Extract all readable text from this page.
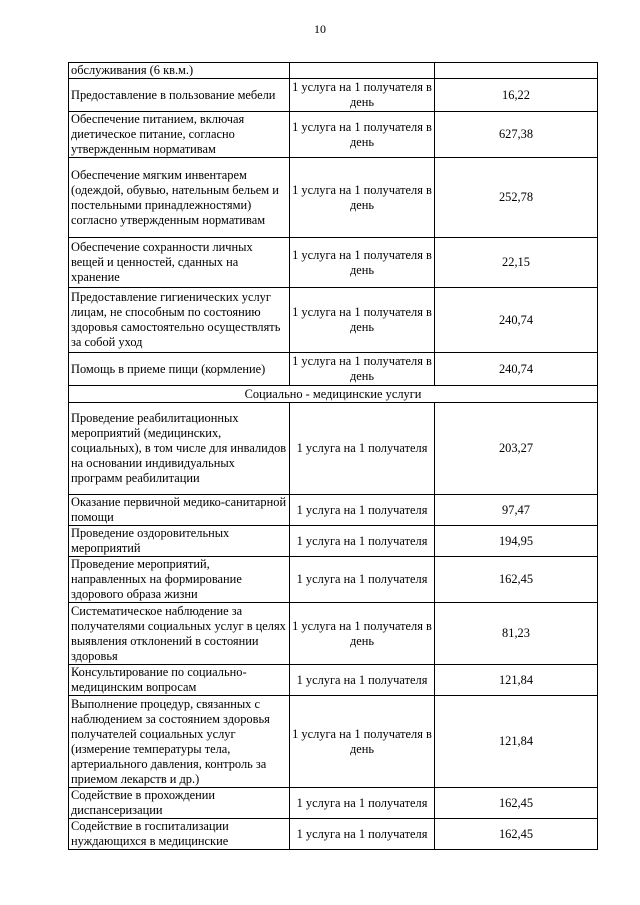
10
обслуживания (6 кв.м.)		
Предоставление в пользование мебели	1 услуга на 1 получателя в день	16,22
Обеспечение питанием, включая диетическое питание, согласно утвержденным нормативам	1 услуга на 1 получателя в день	627,38
Обеспечение мягким инвентарем (одеждой, обувью, нательным бельем и постельными принадлежностями) согласно утвержденным нормативам	1 услуга на 1 получателя в день	252,78
Обеспечение сохранности личных вещей и ценностей, сданных на хранение	1 услуга на 1 получателя в день	22,15
Предоставление гигиенических услуг лицам, не способным по состоянию здоровья самостоятельно осуществлять за собой уход	1 услуга на 1 получателя в день	240,74
Помощь в приеме пищи (кормление)	1 услуга на 1 получателя в день	240,74
Социально - медицинские услуги		
Проведение реабилитационных мероприятий (медицинских, социальных), в том числе для инвалидов на основании индивидуальных программ реабилитации	1 услуга на 1 получателя	203,27
Оказание первичной медико-санитарной помощи	1 услуга на 1 получателя	97,47
Проведение оздоровительных мероприятий	1 услуга на 1 получателя	194,95
Проведение мероприятий, направленных на формирование здорового образа жизни	1 услуга на 1 получателя	162,45
Систематическое наблюдение за получателями социальных услуг в целях выявления отклонений в состоянии здоровья	1 услуга на 1 получателя в день	81,23
Консультирование по социально-медицинским вопросам	1 услуга на 1 получателя	121,84
Выполнение процедур, связанных с наблюдением за состоянием здоровья получателей социальных услуг (измерение температуры тела, артериального давления, контроль за приемом лекарств и др.)	1 услуга на 1 получателя в день	121,84
Содействие в прохождении диспансеризации	1 услуга на 1 получателя	162,45
Содействие в госпитализации нуждающихся в медицинские	1 услуга на 1 получателя	162,45
